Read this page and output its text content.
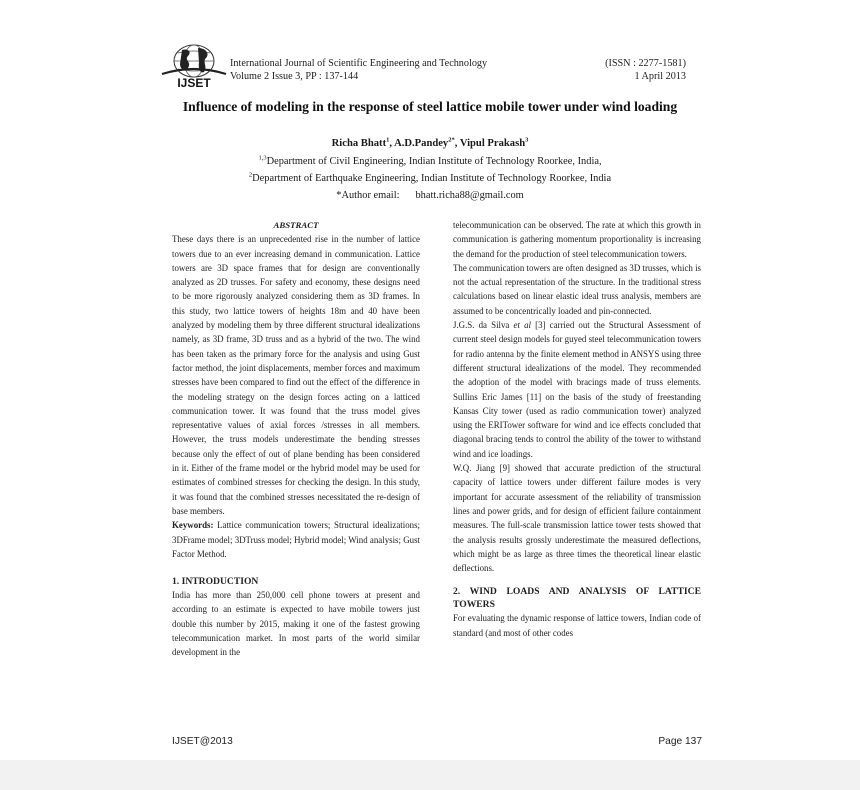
IJSET
International Journal of Scientific Engineering and Technology
Volume 2 Issue 3, PP : 137-144
(ISSN : 2277-1581)
1 April 2013
Influence of modeling in the response of steel lattice mobile tower under wind loading
Richa Bhatt$^1$, A.D.Pandey$^{2*}$, Vipul Prakash$^3$
$^{1,3}$Department of Civil Engineering, Indian Institute of Technology Roorkee, India,
$^2$Department of Earthquake Engineering, Indian Institute of Technology Roorkee, India
*Author email: bhatt.richa88@gmail.com

ABSTRACT

These days there is an unprecedented rise in the number of lattice towers due to an ever increasing demand in communication. Lattice towers are 3D space frames that for design are conventionally analyzed as 2D trusses. For safety and economy, these designs need to be more rigorously analyzed considering them as 3D frames. In this study, two lattice towers of heights 18m and 40 have been analyzed by modeling them by three different structural idealizations namely, as 3D frame, 3D truss and as a hybrid of the two. The wind has been taken as the primary force for the analysis and using Gust factor method, the joint displacements, member forces and maximum stresses have been compared to find out the effect of the difference in the modeling strategy on the design forces acting on a latticed communication tower. It was found that the truss model gives representative values of axial forces /stresses in all members. However, the truss models underestimate the bending stresses because only the effect of out of plane bending has been considered in it. Either of the frame model or the hybrid model may be used for estimates of combined stresses for checking the design. In this study, it was found that the combined stresses necessitated the re-design of base members.

Keywords: Lattice communication towers; Structural idealizations; 3DFrame model; 3DTruss model; Hybrid model; Wind analysis; Gust Factor Method.

1. INTRODUCTION

India has more than 250,000 cell phone towers at present and according to an estimate is expected to have mobile towers just double this number by 2015, making it one of the fastest growing telecommunication market. In most parts of the world similar development in the

telecommunication can be observed. The rate at which this growth in communication is gathering momentum proportionality is increasing the demand for the production of steel telecommunication towers.

The communication towers are often designed as 3D trusses, which is not the actual representation of the structure. In the traditional stress calculations based on linear elastic ideal truss analysis, members are assumed to be concentrically loaded and pin-connected.

J.G.S. da Silva et al [3] carried out the Structural Assessment of current steel design models for guyed steel telecommunication towers for radio antenna by the finite element method in ANSYS using three different structural idealizations of the model. They recommended the adoption of the model with bracings made of truss elements. Sullins Eric James [11] on the basis of the study of freestanding Kansas City tower (used as radio communication tower) analyzed using the ERITower software for wind and ice effects concluded that diagonal bracing tends to control the ability of the tower to withstand wind and ice loadings.

W.Q. Jiang [9] showed that accurate prediction of the structural capacity of lattice towers under different failure modes is very important for accurate assessment of the reliability of transmission lines and power grids, and for design of efficient failure containment measures. The full-scale transmission lattice tower tests showed that the analysis results grossly underestimate the measured deflections, which might be as large as three times the theoretical linear elastic deflections.

2. WIND LOADS AND ANALYSIS OF LATTICE TOWERS

For evaluating the dynamic response of lattice towers, Indian code of standard (and most of other codes

IJSET@2013	Page 137
